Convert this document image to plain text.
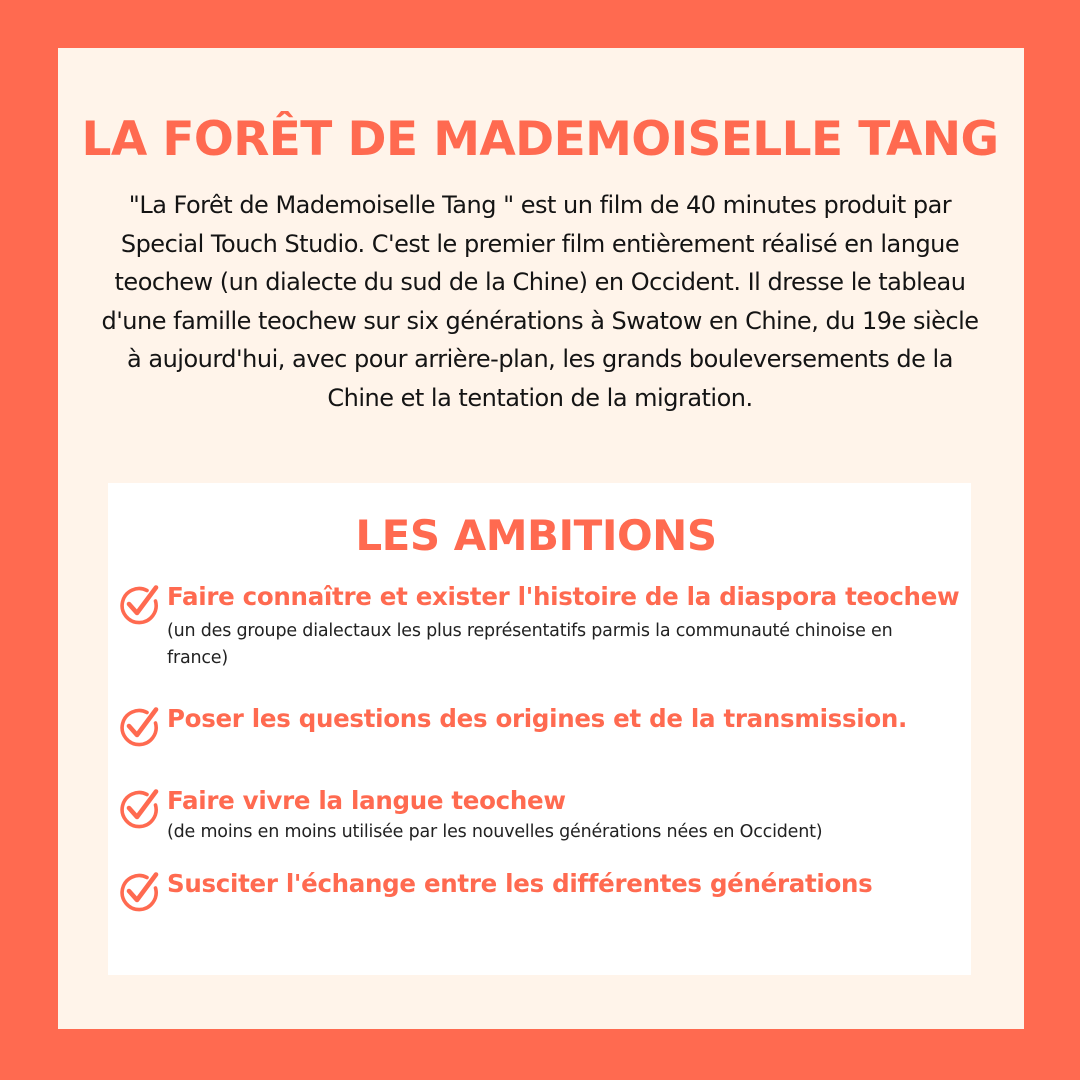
LA FORÊT DE MADEMOISELLE TANG

"La Forêt de Mademoiselle Tang " est un film de 40 minutes produit par Special Touch Studio. C'est le premier film entièrement réalisé en langue teochew (un dialecte du sud de la Chine) en Occident. Il dresse le tableau d'une famille teochew sur six générations à Swatow en Chine, du 19e siècle à aujourd'hui, avec pour arrière-plan, les grands bouleversements de la Chine et la tentation de la migration.

LES AMBITIONS
Faire connaître et exister l'histoire de la diaspora teochew
(un des groupe dialectaux les plus représentatifs parmis la communauté chinoise en france)
Poser les questions des origines et de la transmission.
Faire vivre la langue teochew
(de moins en moins utilisée par les nouvelles générations nées en Occident)
Susciter l'échange entre les différentes générations
